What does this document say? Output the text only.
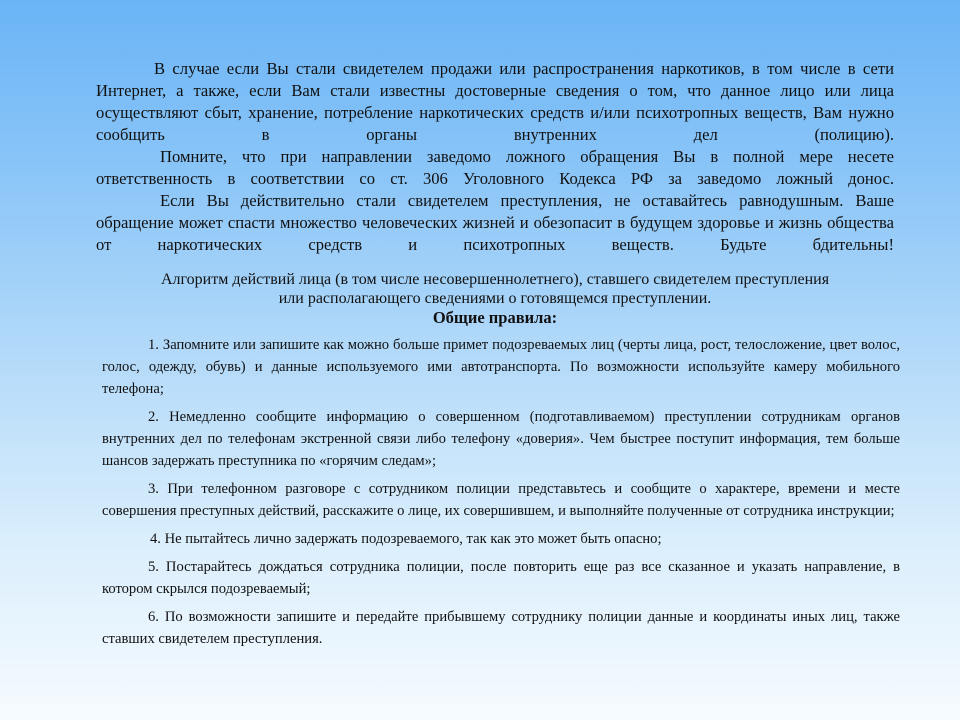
В случае если Вы стали свидетелем продажи или распространения наркотиков, в том числе в сети Интернет, а также, если Вам стали известны достоверные сведения о том, что данное лицо или лица осуществляют сбыт, хранение, потребление наркотических средств и/или психотропных веществ, Вам нужно сообщить в органы внутренних дел (полицию).

Помните, что при направлении заведомо ложного обращения Вы в полной мере несете ответственность в соответствии со ст. 306 Уголовного Кодекса РФ за заведомо ложный донос.

Если Вы действительно стали свидетелем преступления, не оставайтесь равнодушным. Ваше обращение может спасти множество человеческих жизней и обезопасит в будущем здоровье и жизнь общества от наркотических средств и психотропных веществ. Будьте бдительны!

Алгоритм действий лица (в том числе несовершеннолетнего), ставшего свидетелем преступления
или располагающего сведениями о готовящемся преступлении.
Общие правила:
1. Запомните или запишите как можно больше примет подозреваемых лиц (черты лица, рост, телосложение, цвет волос, голос, одежду, обувь) и данные используемого ими автотранспорта. По возможности используйте камеру мобильного телефона;
2. Немедленно сообщите информацию о совершенном (подготавливаемом) преступлении сотрудникам органов внутренних дел по телефонам экстренной связи либо телефону «доверия». Чем быстрее поступит информация, тем больше шансов задержать преступника по «горячим следам»;
3. При телефонном разговоре с сотрудником полиции представьтесь и сообщите о характере, времени и месте совершения преступных действий, расскажите о лице, их совершившем, и выполняйте полученные от сотрудника инструкции;
4. Не пытайтесь лично задержать подозреваемого, так как это может быть опасно;
5. Постарайтесь дождаться сотрудника полиции, после повторить еще раз все сказанное и указать направление, в котором скрылся подозреваемый;
6. По возможности запишите и передайте прибывшему сотруднику полиции данные и координаты иных лиц, также ставших свидетелем преступления.
